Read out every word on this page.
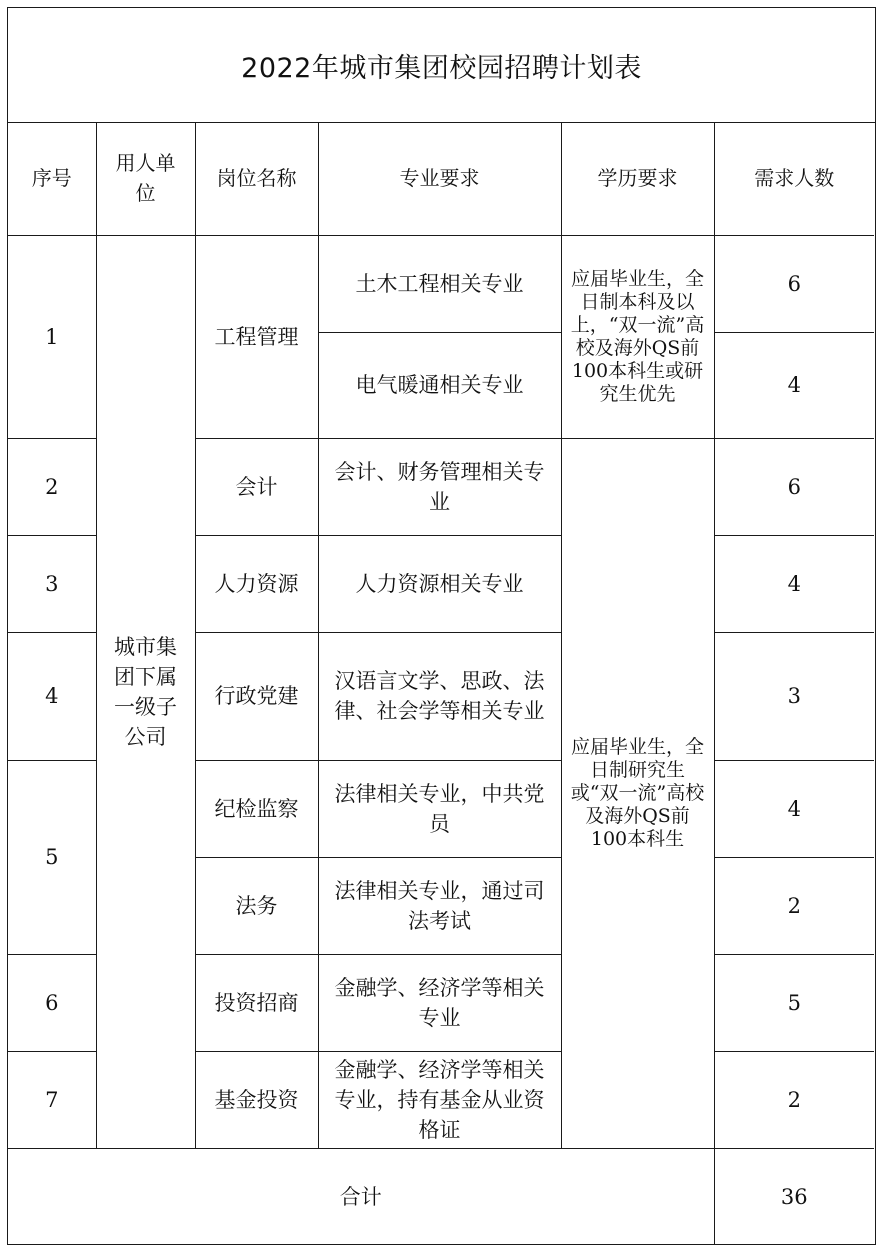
2022年城市集团校园招聘计划表
序号	用人单位	岗位名称	专业要求	学历要求	需求人数
1	城市集团下属一级子公司	工程管理	土木工程相关专业	应届毕业生，全日制本科及以上，“双一流”高校及海外QS前100本科生或研究生优先	6
			电气暖通相关专业		4
2		会计	会计、财务管理相关专业	应届毕业生，全日制研究生或“双一流”高校及海外QS前100本科生	6
3		人力资源	人力资源相关专业		4
4		行政党建	汉语言文学、思政、法律、社会学等相关专业		3
5		纪检监察	法律相关专业，中共党员		4
		法务	法律相关专业，通过司法考试		2
6		投资招商	金融学、经济学等相关专业		5
7		基金投资	金融学、经济学等相关专业，持有基金从业资格证		2
合计					36
